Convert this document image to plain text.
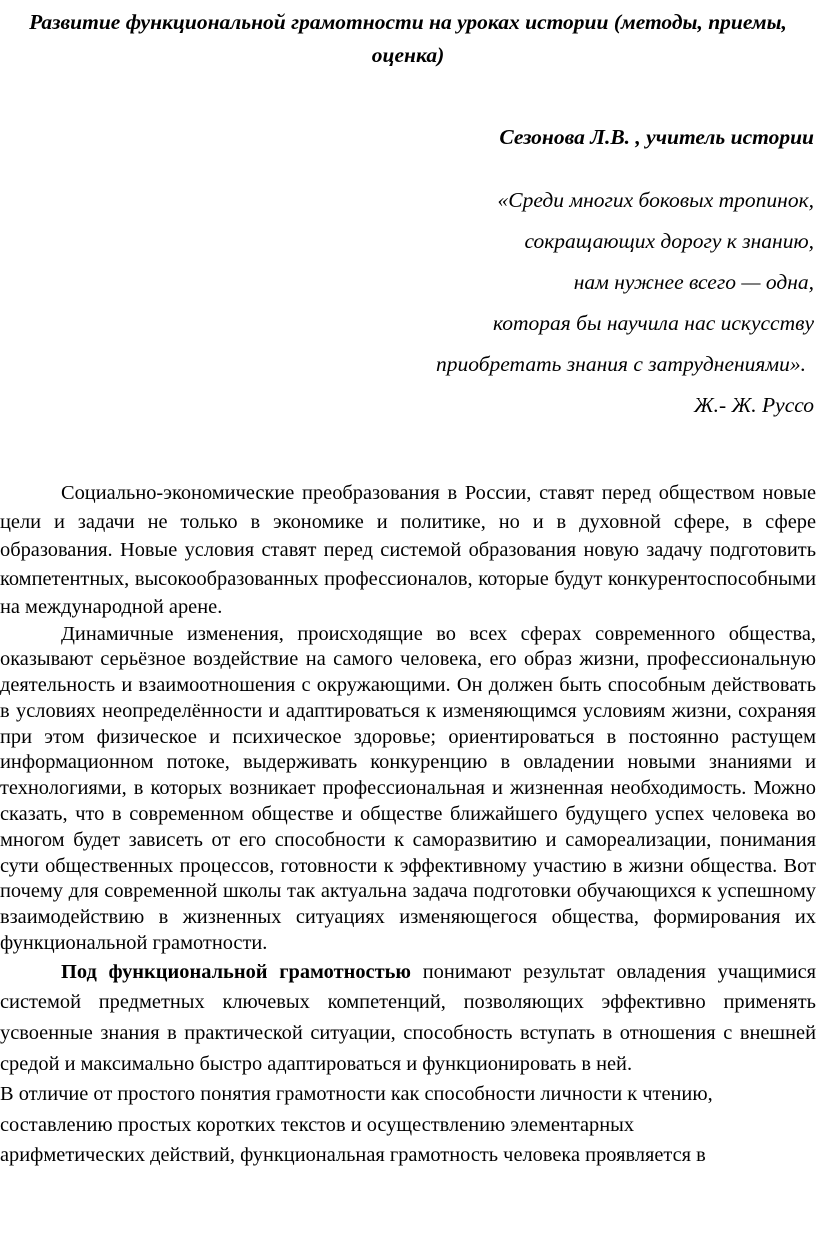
Развитие функциональной грамотности на уроках истории (методы, приемы, оценка)

Сезонова Л.В. , учитель истории

«Среди многих боковых тропинок,
сокращающих дорогу к знанию,
нам нужнее всего — одна,
которая бы научила нас искусству
приобретать знания с затруднениями».
Ж.- Ж. Руссо

Социально-экономические преобразования в России, ставят перед обществом новые цели и задачи не только в экономике и политике, но и в духовной сфере, в сфере образования. Новые условия ставят перед системой образования новую задачу подготовить компетентных, высокообразованных профессионалов, которые будут конкурентоспособными на международной арене.

Динамичные изменения, происходящие во всех сферах современного общества, оказывают серьёзное воздействие на самого человека, его образ жизни, профессиональную деятельность и взаимоотношения с окружающими. Он должен быть способным действовать в условиях неопределённости и адаптироваться к изменяющимся условиям жизни, сохраняя при этом физическое и психическое здоровье; ориентироваться в постоянно растущем информационном потоке, выдерживать конкуренцию в овладении новыми знаниями и технологиями, в которых возникает профессиональная и жизненная необходимость. Можно сказать, что в современном обществе и обществе ближайшего будущего успех человека во многом будет зависеть от его способности к саморазвитию и самореализации, понимания сути общественных процессов, готовности к эффективному участию в жизни общества. Вот почему для современной школы так актуальна задача подготовки обучающихся к успешному взаимодействию в жизненных ситуациях изменяющегося общества, формирования их функциональной грамотности.

Под функциональной грамотностью понимают результат овладения учащимися системой предметных ключевых компетенций, позволяющих эффективно применять усвоенные знания в практической ситуации, способность вступать в отношения с внешней средой и максимально быстро адаптироваться и функционировать в ней.

В отличие от простого понятия грамотности как способности личности к чтению,
составлению простых коротких текстов и осуществлению элементарных
арифметических действий, функциональная грамотность человека проявляется в
